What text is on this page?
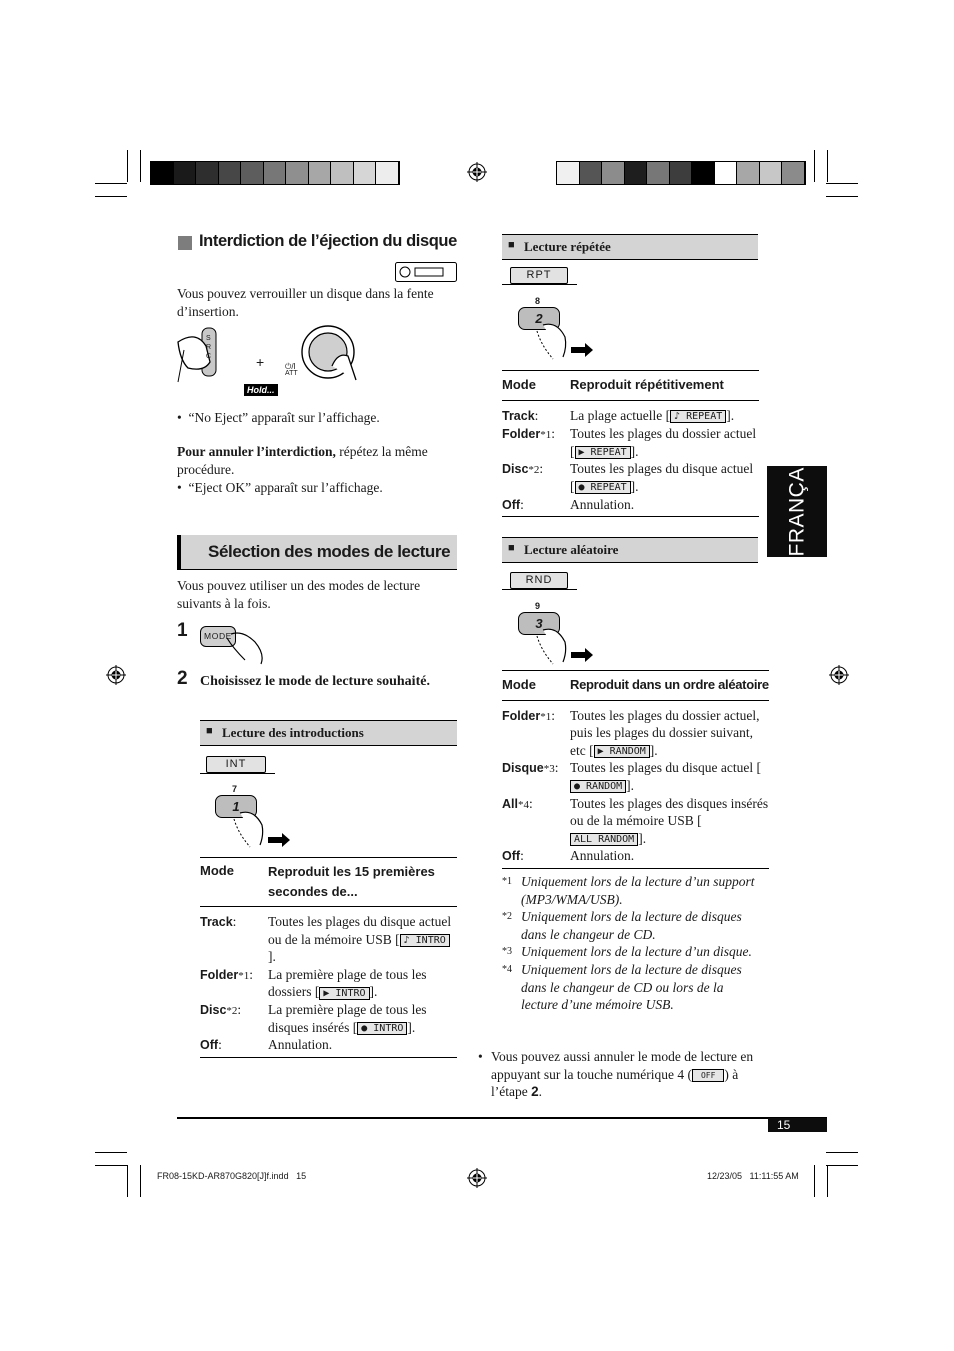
FRANÇAIS
Interdiction de l’éjection du disque
Vous pouvez verrouiller un disque dans la fente d’insertion.
S R C	+	⏻/I
ATT
Hold...
•  “No Eject” apparaît sur l’affichage.
Pour annuler l’interdiction, répétez la même procédure.
•  “Eject OK” apparaît sur l’affichage.
Sélection des modes de lecture
Vous pouvez utiliser un des modes de lecture suivants à la fois.
1	MODE
2 Choisissez le mode de lecture souhaité.
■ Lecture des introductions
INT
7
1
Mode Reproduit les 15 premières secondes de...	

Track:	Toutes les plages du disque actuel ou de la mémoire USB [ ♪ INTRO].
Folder*1:	La première plage de tous les dossiers [ ▶ INTRO ].
Disc*2:	La première plage de tous les disques insérés [ ● INTRO ].
Off:	Annulation.
■ Lecture répétée
RPT
8
2
Mode Reproduit répétitivement	

Track:	La plage actuelle [ ♪ REPEAT ].
Folder*1:	Toutes les plages du dossier actuel [ ▶ REPEAT ].
Disc*2:	Toutes les plages du disque actuel [ ● REPEAT ].
Off:	Annulation.
■ Lecture aléatoire
RND
9
3
Mode Reproduit dans un ordre aléatoire	

Folder*1:	Toutes les plages du dossier actuel, puis les plages du dossier suivant, etc [ ▶ RANDOM ].
Disque*3:	Toutes les plages du disque actuel [● RANDOM ].
All*4:	Toutes les plages des disques insérés ou de la mémoire USB [ALL RANDOM ].
Off:	Annulation.
*1 Uniquement lors de la lecture d’un support (MP3/WMA/USB).
*2 Uniquement lors de la lecture de disques dans le changeur de CD.
*3 Uniquement lors de la lecture d’un disque.
*4 Uniquement lors de la lecture de disques dans le changeur de CD ou lors de la lecture d’une mémoire USB.
• Vous pouvez aussi annuler le mode de lecture en appuyant sur la touche numérique 4 ( OFF ) à l’étape 2.
15
FR08-15KD-AR870G820[J]f.indd   15	12/23/05   11:11:55 AM
